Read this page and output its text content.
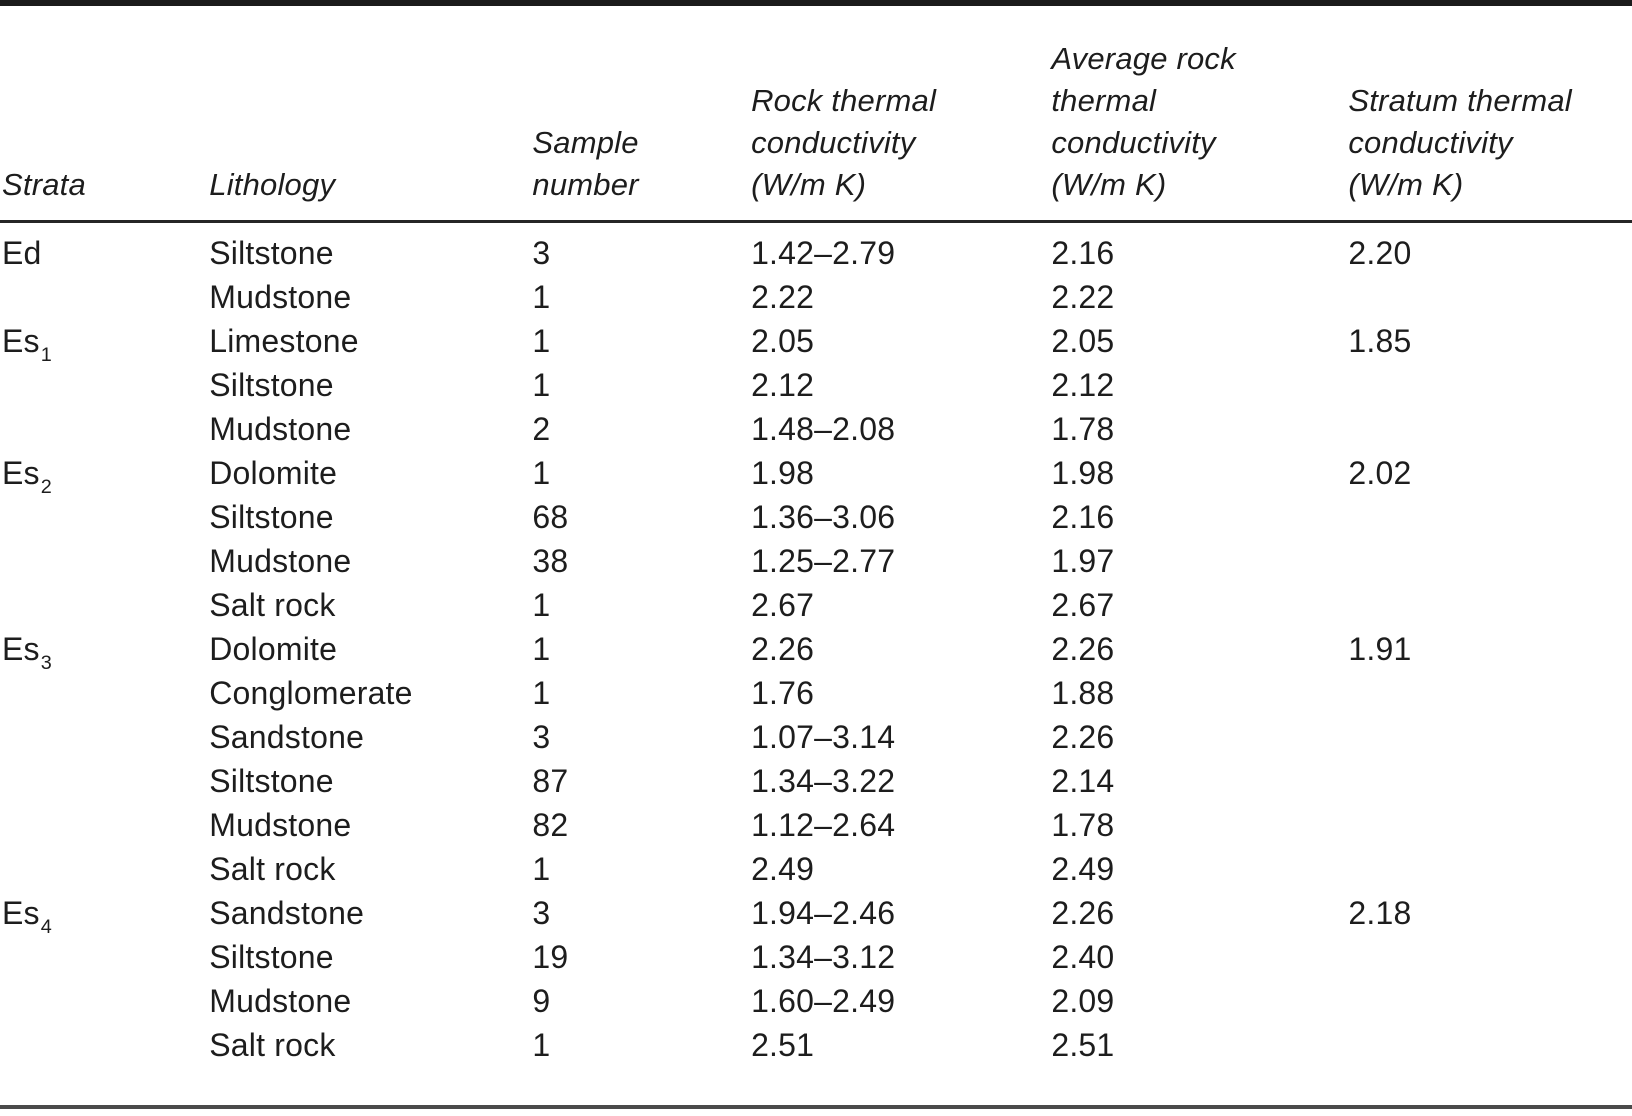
Strata	Lithology	Sample number	Rock thermal conductivity (W/m K)	Average rock thermal conductivity (W/m K)	Stratum thermal conductivity (W/m K)
Ed	Siltstone	3	1.42–2.79	2.16	2.20
	Mudstone	1	2.22	2.22	
$Es_1$	Limestone	1	2.05	2.05	1.85
	Siltstone	1	2.12	2.12	
	Mudstone	2	1.48–2.08	1.78	
$Es_2$	Dolomite	1	1.98	1.98	2.02
	Siltstone	68	1.36–3.06	2.16	
	Mudstone	38	1.25–2.77	1.97	
	Salt rock	1	2.67	2.67	
$Es_3$	Dolomite	1	2.26	2.26	1.91
	Conglomerate	1	1.76	1.88	
	Sandstone	3	1.07–3.14	2.26	
	Siltstone	87	1.34–3.22	2.14	
	Mudstone	82	1.12–2.64	1.78	
	Salt rock	1	2.49	2.49	
$Es_4$	Sandstone	3	1.94–2.46	2.26	2.18
	Siltstone	19	1.34–3.12	2.40	
	Mudstone	9	1.60–2.49	2.09	
	Salt rock	1	2.51	2.51	
